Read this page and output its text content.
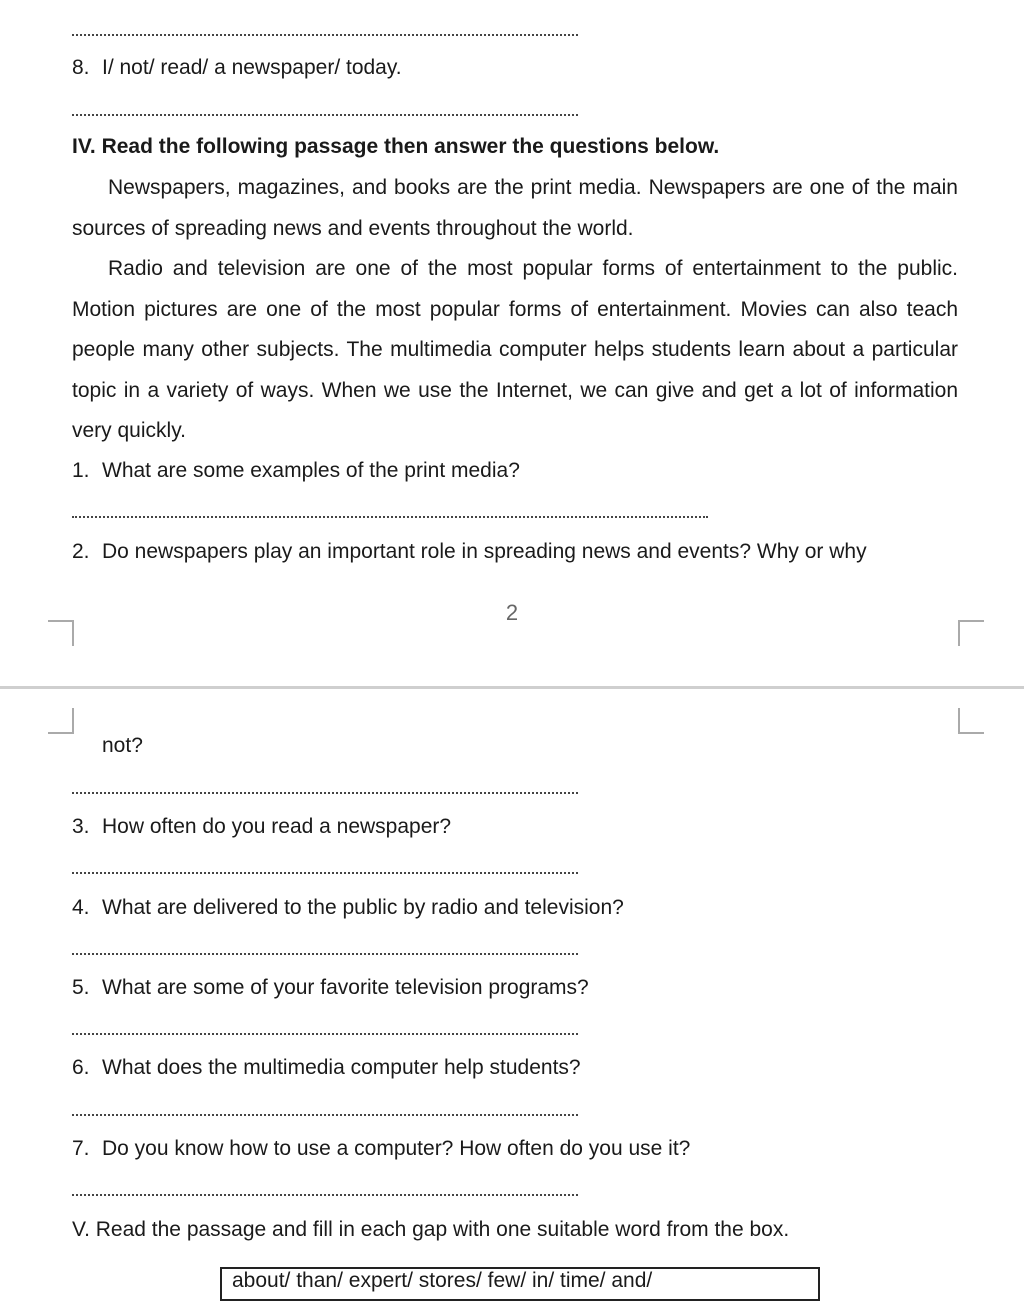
8. I/ not/ read/ a newspaper/ today.
IV. Read the following passage then answer the questions below.
Newspapers, magazines, and books are the print media. Newspapers are one of the main sources of spreading news and events throughout the world.
Radio and television are one of the most popular forms of entertainment to the public. Motion pictures are one of the most popular forms of entertainment. Movies can also teach people many other subjects. The multimedia computer helps students learn about a particular topic in a variety of ways. When we use the Internet, we can give and get a lot of information very quickly.
1. What are some examples of the print media?
2. Do newspapers play an important role in spreading news and events? Why or why
2
not?
3. How often do you read a newspaper?
4. What are delivered to the public by radio and television?
5. What are some of your favorite television programs?
6. What does the multimedia computer help students?
7. Do you know how to use a computer? How often do you use it?
V. Read the passage and fill in each gap with one suitable word from the box.
about/ than/ expert/ stores/ few/ in/ time/ and/
